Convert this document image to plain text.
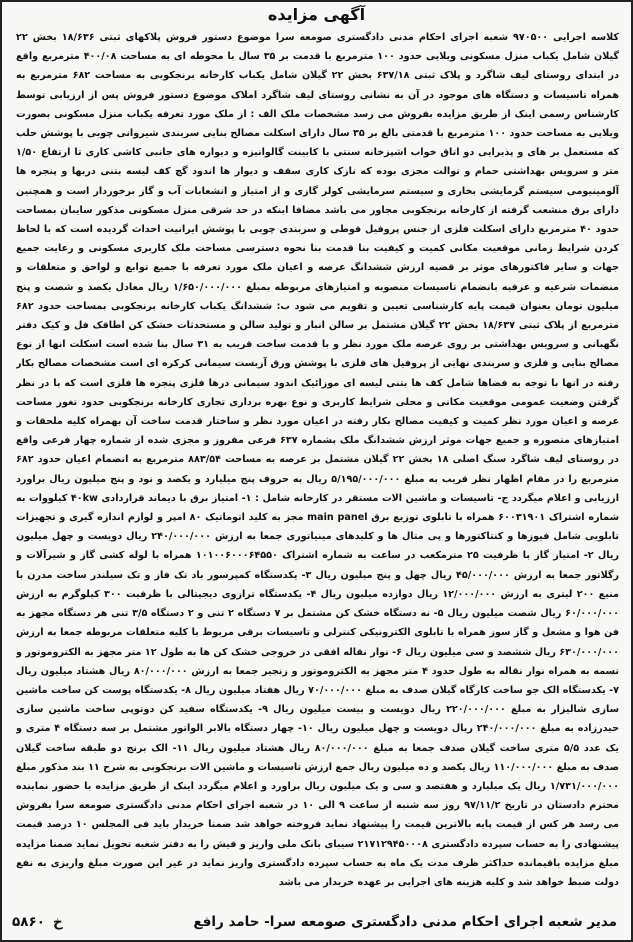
آگهی مزایده

کلاسه اجرایی ۹۷۰۵۰۰ شعبه اجرای احکام مدنی دادگستری صومعه سرا موضوع دستور فروش پلاکهای ثبتی ۱۸/۶۳۶ بخش ۲۲ گیلان شامل یکباب منزل مسکونی ویلایی حدود ۱۰۰ مترمربع با قدمت بر ۳۵ سال با محوطه ای به مساحت ۴۰۰/۰۸ مترمربع واقع در ابتدای روستای لیف شاگرد و پلاک ثبتی ۶۳۷/۱۸ بخش ۲۲ گیلان شامل یکباب کارخانه برنجکوبی به مساحت ۶۸۲ مترمربع به همراه تاسیسات و دستگاه های موجود در آن به نشانی روستای لیف شاگرد املاک موضوع دستور فروش پس از ارزیابی توسط کارشناس رسمی اینک از طریق مزایده بفروش می رسد مشخصات ملک الف : از ملک مورد تعرفه یکباب منزل مسکونی بصورت ویلایی به مساحت حدود ۱۰۰ مترمربع با قدمتی بالغ بر ۳۵ سال دارای اسکلت مصالح بنایی سربندی شیروانی چوبی با پوشش حلب که مستعمل بر های و پذیرایی دو اتاق خواب اشپزخانه سنتی با کابینت گالوانیزه و دیواره های جانبی کاشی کاری تا ارتفاع ۱/۵۰ متر و سرویس بهداشتی حمام و توالت مجزی بوده که نازک کاری سقف و دیوار ها اندود گچ کف لیسه بتنی دربها و پنجره ها آلومینیومی سیستم گرمایشی بخاری و سیستم سرمایشی کولر گازی و از امتیاز و انشعابات آب و گاز برخوردار است و همچنین دارای برق منشعب گرفته از کارخانه برنجکوبی مجاور می باشد مضافا اینکه در حد شرقی منزل مسکونی مذکور سایبان بمساحت حدود ۴۰ مترمربع دارای اسکلت فلزی از جنس پروفیل قوطی و سربندی چوبی با پوشش ایرانیت احداث گردیده است که با لحاظ کردن شرایط زمانی موقعیت مکانی کمیت و کیفیت بنا قدمت بنا نحوه دسترسی مساحت ملک کاربری مسکونی و رعایت جمیع جهات و سایر فاکتورهای موثر بر قضیه ارزش ششدانگ عرصه و اعیان ملک مورد تعرفه با جمیع توابع و لواحق و متعلقات و منضمات شرعیه و عرفیه بانضمام تاسیسات منصوبه و امتیازهای مربوطه بمبلغ ۱/۶۵۰/۰۰۰/۰۰۰ ریال معادل یکصد و شصت و پنج میلیون تومان بعنوان قیمت پایه کارشناسی تعیین و تقویم می شود ب: ششدانگ یکباب کارخانه برنجکوبی بمساحت حدود ۶۸۲ مترمربع از پلاک ثبتی ۱۸/۶۳۷ بخش ۲۲ گیلان مشتمل بر سالن انبار و تولید سالن و مستحدثات خشک کن اطاقک فل و کیک دفتر نگهبانی و سرویس بهداشتی بر روی عرصه ملک مورد نظر و با قدمت ساخت قریب به ۳۱ سال بنا شده است اسکلت انها از نوع مصالح بنایی و فلزی و سربندی نهایی از پروفیل های فلزی با پوشش ورق آزبست سیمانی کرکره ای است مشخصات مصالح بکار رفته در انها با توجه به فضاها شامل کف ها بتنی لیسه ای موزائیک اندود سیمانی درها فلزی پنجره ها فلزی است که با در نظر گرفتن وضعیت عمومی موقعیت مکانی و محلی شرایط کاربری و نوع بهره برداری تجاری کارخانه برنجکوبی حدود تغور مساحت عرصه و اعیان مورد نظر کمیت و کیفیت مصالح بکار رفته در اعیان مورد نظر و ساختار قدمت ساخت آن بهمراه کلیه ملحقات و امتیازهای متصوره و جمیع جهات موثر ارزش ششدانگ ملک بشماره ۶۳۷ فرعی مفروز و مجزی شده از شماره چهار فرعی واقع در روستای لیف شاگرد سنگ اصلی ۱۸ بخش ۲۲ گیلان مشتمل بر عرصه به مساحت ۸۸۳/۵۴ مترمربع به انضمام اعیان حدود ۶۸۲ مترمربع را در مقام اظهار نظر قریب به مبلغ ۵/۱۹۵/۰۰۰/۰۰۰ ریال به حروف پنج میلیارد و یکصد و نود و پنج میلیون ریال براورد ارزیابی و اعلام میگردد ج- تاسیسات و ماشین الات مستقر در کارخانه شامل : ۱- امتیاز برق با دیماند قراردادی ۴۰kw کیلووات به شماره اشتراک ۶۰۰۳۱۹۰۱ همراه با تابلوی توزیع برق main panel مجز به کلید اتوماتیک ۸۰ امپر و لوازم اندازه گیری و تجهیزات تابلویی شامل فیوزها و کنتاکتورها و پی متال ها و کلیدهای مینیاتوری جمعا به ارزش ۲۴۰/۰۰۰/۰۰۰ ریال دویست و چهل میلیون ریال ۲- امتیاز گاز با ظرفیت ۲۵ مترمکعب در ساعت به شماره اشتراک ۱۰۱۰۰۶۰۰۰۶۴۵۵۰ همراه با لوله کشی گاز و شیرآلات و رگلاتور جمعا به ارزش ۴۵/۰۰۰/۰۰۰ ریال چهل و پنج میلیون ریال ۳- یکدستگاه کمپرسور باد تک فاز و تک سیلندر ساخت مدرن با منبع ۲۰۰ لیتری به ارزش ۱۲/۰۰۰/۰۰۰ ریال دوازده میلیون ریال ۴- یکدستگاه ترازوی دیجیتالی با ظرفیت ۳۰۰ کیلوگرم به ارزش ۶۰/۰۰۰/۰۰۰ ریال شصت میلیون ریال ۵- نه دستگاه خشک کن مشتمل بر ۷ دستگاه ۲ تنی و ۲ دستگاه ۳/۵ تنی هر دستگاه مجهز به فن هوا و مشعل و گاز سوز همراه با تابلوی الکترونیکی کنترلی و تاسیسات برقی مربوط با کلیه متعلقات مربوطه جمعا به ارزش ۶۳۰/۰۰۰/۰۰۰ ریال ششصد و سی میلیون ریال ۶- نوار نقاله افقی در خروجی خشک کن ها به طول ۱۲ متر مجهز به الکتروموتور و تسمه به همراه نوار نقاله به طول حدود ۴ متر مجهز به الکتروموتور و زنجیر جمعا به ارزش ۸۰/۰۰۰/۰۰۰ ریال هشتاد میلیون ریال ۷- یکدستگاه الک جو ساخت کارگاه گیلان صدف به مبلغ ۷۰/۰۰۰/۰۰۰ ریال هفتاد میلیون ریال ۸- یکدستگاه پوست کن ساخت ماشین سازی شالیزار به مبلغ ۲۲۰/۰۰۰/۰۰۰ ریال دویست و بیست میلیون ریال ۹- یکدستگاه سفید کن دوتوپی ساخت ماشین سازی حیدرزاده به مبلغ ۲۴۰/۰۰۰/۰۰۰ ریال دویست و چهل میلیون ریال ۱۰- چهار دستگاه بالابر الواتور مشتمل بر سه دستگاه ۴ متری و یک عدد ۵/۵ متری ساخت گیلان صدف جمعا به مبلغ ۸۰/۰۰۰/۰۰۰ ریال هشتاد میلیون ریال ۱۱- الک برنج دو طبقه ساخت گیلان صدف به مبلغ ۱۱۰/۰۰۰/۰۰۰ ریال یکصد و ده میلیون ریال جمع ارزش تاسیسات و ماشین الات برنجکوبی به شرح ۱۱ بند مذکور مبلغ ۱/۷۳۱/۰۰۰/۰۰۰ ریال یک میلیارد و هفتصد و سی و یک میلیون ریال براورد و اعلام میگردد اینک از طریق مزایده با حضور نماینده محترم دادستان در تاریخ ۹۷/۱۱/۲ روز سه شنبه از ساعت ۹ الی ۱۰ در شعبه اجرای احکام مدنی دادگستری صومعه سرا بفروش می رسد هر کس از قیمت پایه بالاترین قیمت را پیشنهاد نماید فروخته خواهد شد ضمنا خریدار باید فی المجلس ۱۰ درصد قیمت پیشنهادی را به حساب سپرده دادگستری ۲۱۷۱۲۹۴۵۰۰۰۸ سیبای بانک ملی واریز و فیش را به دفتر شعبه تحویل نماید ضمنا مزایده مبلغ مزایده باقیمانده حداکثر ظرف مدت یک ماه به حساب سپرده دادگستری واریز نماید در غیر این صورت مبلغ واریزی به نفع دولت ضبط خواهد شد و کلیه هزینه های اجرایی بر عهده خریدار می باشد

مدیر شعبه اجرای احکام مدنی دادگستری صومعه سرا- حامد رافع
۵۸۶۰ خ
